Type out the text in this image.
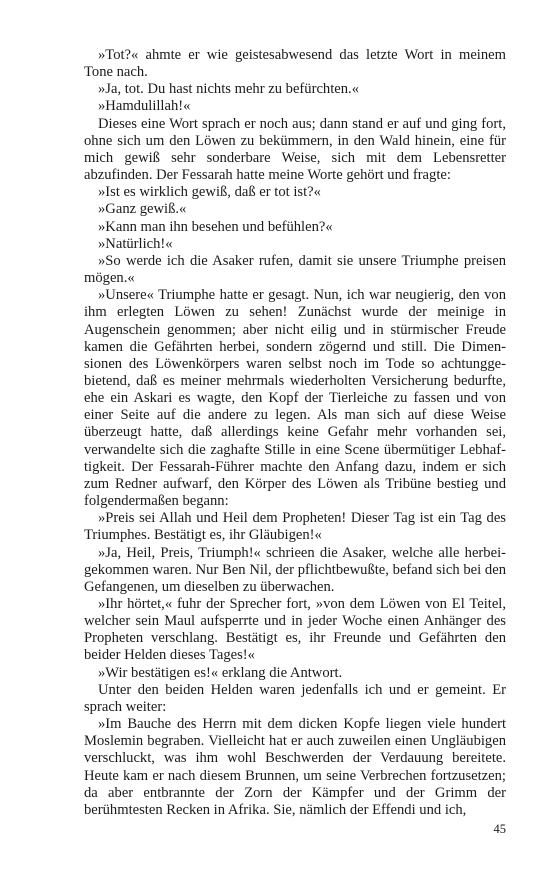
»Tot?« ahmte er wie geistesabwesend das letzte Wort in meinem Tone nach.

»Ja, tot. Du hast nichts mehr zu befürchten.«

»Hamdulillah!«

Dieses eine Wort sprach er noch aus; dann stand er auf und ging fort, ohne sich um den Löwen zu bekümmern, in den Wald hinein, eine für mich gewiß sehr sonderbare Weise, sich mit dem Lebensretter abzufinden. Der Fessarah hatte meine Worte gehört und fragte:

»Ist es wirklich gewiß, daß er tot ist?«

»Ganz gewiß.«

»Kann man ihn besehen und befühlen?«

»Natürlich!«

»So werde ich die Asaker rufen, damit sie unsere Triumphe preisen mögen.«

»Unsere« Triumphe hatte er gesagt. Nun, ich war neugierig, den von ihm erlegten Löwen zu sehen! Zunächst wurde der meinige in Augenschein genommen; aber nicht eilig und in stürmischer Freude kamen die Gefährten herbei, sondern zögernd und still. Die Dimensionen des Löwenkörpers waren selbst noch im Tode so achtunggebietend, daß es meiner mehrmals wiederholten Versicherung bedurfte, ehe ein Askari es wagte, den Kopf der Tierleiche zu fassen und von einer Seite auf die andere zu legen. Als man sich auf diese Weise überzeugt hatte, daß allerdings keine Gefahr mehr vorhanden sei, verwandelte sich die zaghafte Stille in eine Scene übermütiger Lebhaftigkeit. Der Fessarah-Führer machte den Anfang dazu, indem er sich zum Redner aufwarf, den Körper des Löwen als Tribüne bestieg und folgendermaßen begann:

»Preis sei Allah und Heil dem Propheten! Dieser Tag ist ein Tag des Triumphes. Bestätigt es, ihr Gläubigen!«

»Ja, Heil, Preis, Triumph!« schrieen die Asaker, welche alle herbeigekommen waren. Nur Ben Nil, der pflichtbewußte, befand sich bei den Gefangenen, um dieselben zu überwachen.

»Ihr hörtet,« fuhr der Sprecher fort, »von dem Löwen von El Teitel, welcher sein Maul aufsperrte und in jeder Woche einen Anhänger des Propheten verschlang. Bestätigt es, ihr Freunde und Gefährten den beider Helden dieses Tages!«

»Wir bestätigen es!« erklang die Antwort.

Unter den beiden Helden waren jedenfalls ich und er gemeint. Er sprach weiter:

»Im Bauche des Herrn mit dem dicken Kopfe liegen viele hundert Moslemin begraben. Vielleicht hat er auch zuweilen einen Ungläubigen verschluckt, was ihm wohl Beschwerden der Verdauung bereitete. Heute kam er nach diesem Brunnen, um seine Verbrechen fortzusetzen; da aber entbrannte der Zorn der Kämpfer und der Grimm der berühmtesten Recken in Afrika. Sie, nämlich der Effendi und ich,

45
